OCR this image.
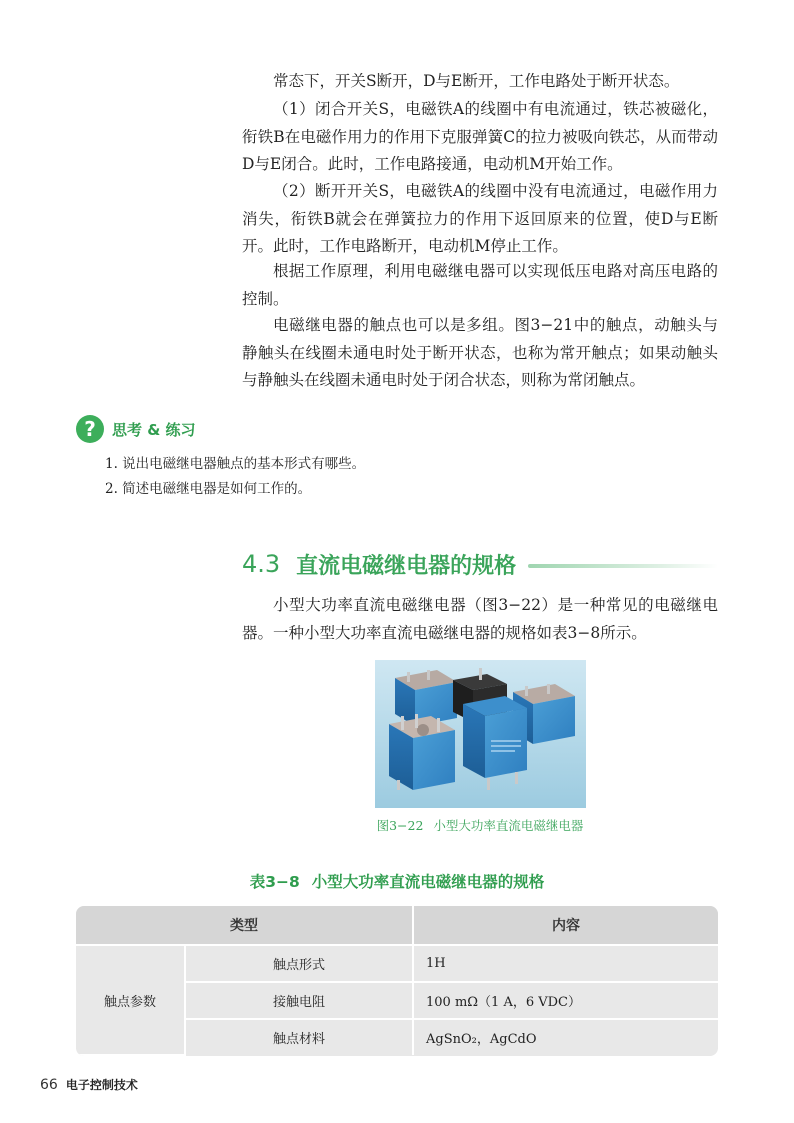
常态下，开关S断开，D与E断开，工作电路处于断开状态。

（1）闭合开关S，电磁铁A的线圈中有电流通过，铁芯被磁化，衔铁B在电磁作用力的作用下克服弹簧C的拉力被吸向铁芯，从而带动D与E闭合。此时，工作电路接通，电动机M开始工作。

（2）断开开关S，电磁铁A的线圈中没有电流通过，电磁作用力消失，衔铁B就会在弹簧拉力的作用下返回原来的位置，使D与E断开。此时，工作电路断开，电动机M停止工作。

根据工作原理，利用电磁继电器可以实现低压电路对高压电路的控制。

电磁继电器的触点也可以是多组。图3−21中的触点，动触头与静触头在线圈未通电时处于断开状态，也称为常开触点；如果动触头与静触头在线圈未通电时处于闭合状态，则称为常闭触点。

?	思考 & 练习
1. 说出电磁继电器触点的基本形式有哪些。
2. 简述电磁继电器是如何工作的。
4.3 直流电磁继电器的规格

小型大功率直流电磁继电器（图3−22）是一种常见的电磁继电器。一种小型大功率直流电磁继电器的规格如表3−8所示。

图3−22 小型大功率直流电磁继电器
表3−8 小型大功率直流电磁继电器的规格
类型		内容
触点参数	触点形式	1H
	接触电阻	100 mΩ（1 A，6 VDC）
	触点材料	AgSnO₂，AgCdO
66 电子控制技术
